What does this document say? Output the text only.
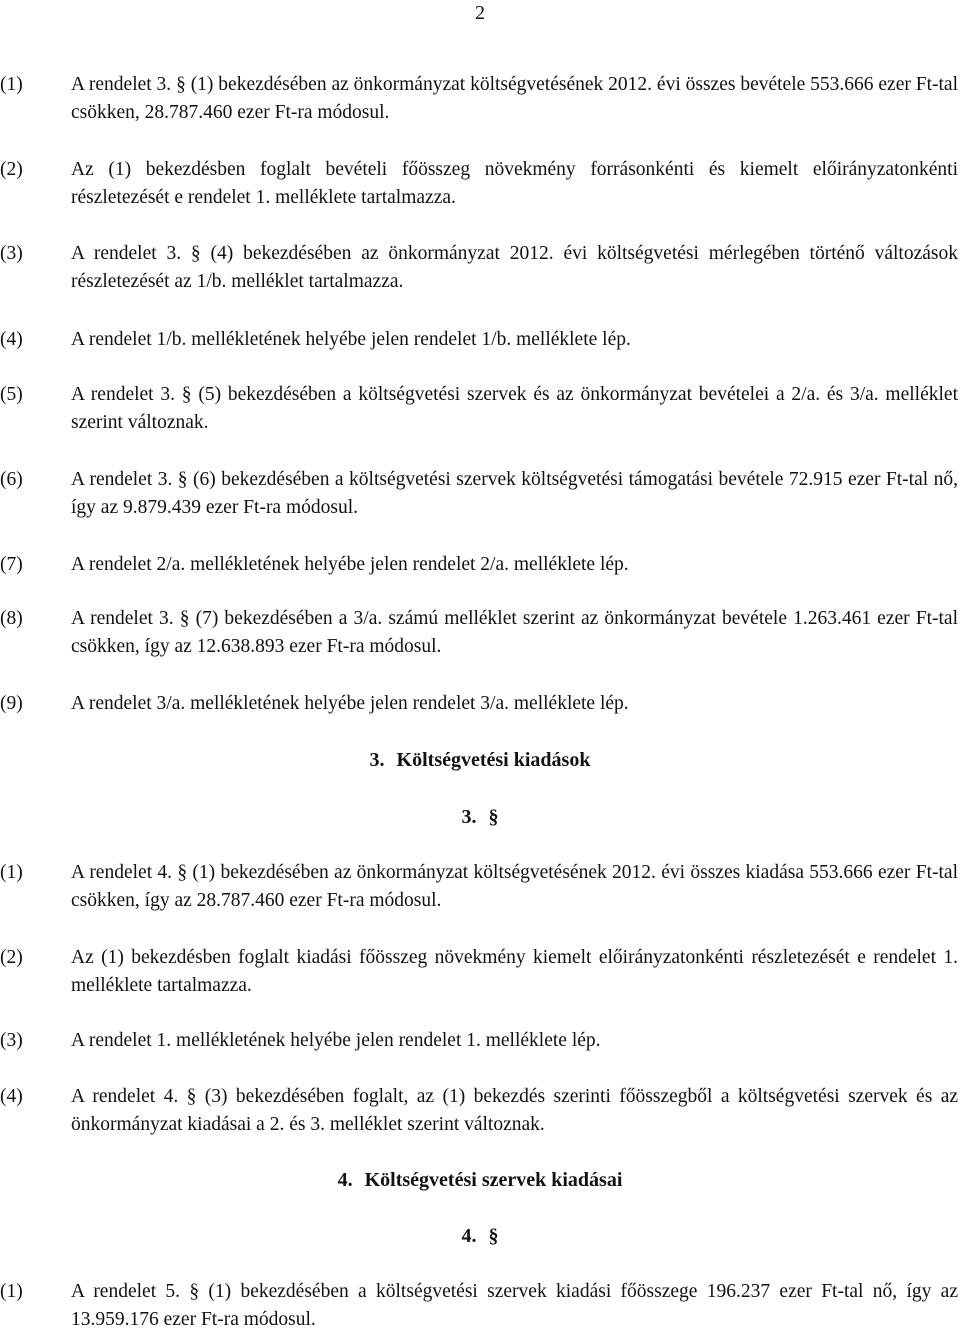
2
(1)	A rendelet 3. § (1) bekezdésében az önkormányzat költségvetésének 2012. évi összes bevétele 553.666 ezer Ft-tal csökken, 28.787.460 ezer Ft-ra módosul.
(2)	Az (1) bekezdésben foglalt bevételi főösszeg növekmény forrásonkénti és kiemelt előirányzatonkénti részletezését e rendelet 1. melléklete tartalmazza.
(3)	A rendelet 3. § (4) bekezdésében az önkormányzat 2012. évi költségvetési mérlegében történő változások részletezését az 1/b. melléklet tartalmazza.
(4)	A rendelet 1/b. mellékletének helyébe jelen rendelet 1/b. melléklete lép.
(5)	A rendelet 3. § (5) bekezdésében a költségvetési szervek és az önkormányzat bevételei a 2/a. és 3/a. melléklet szerint változnak.
(6)	A rendelet 3. § (6) bekezdésében a költségvetési szervek költségvetési támogatási bevétele 72.915 ezer Ft-tal nő, így az 9.879.439 ezer Ft-ra módosul.
(7)	A rendelet 2/a. mellékletének helyébe jelen rendelet 2/a. melléklete lép.
(8)	A rendelet 3. § (7) bekezdésében a 3/a. számú melléklet szerint az önkormányzat bevétele 1.263.461 ezer Ft-tal csökken, így az 12.638.893 ezer Ft-ra módosul.
(9)	A rendelet 3/a. mellékletének helyébe jelen rendelet 3/a. melléklete lép.
3. Költségvetési kiadások
3. §
(1)	A rendelet 4. § (1) bekezdésében az önkormányzat költségvetésének 2012. évi összes kiadása 553.666 ezer Ft-tal csökken, így az 28.787.460 ezer Ft-ra módosul.
(2)	Az (1) bekezdésben foglalt kiadási főösszeg növekmény kiemelt előirányzatonkénti részletezését e rendelet 1. melléklete tartalmazza.
(3)	A rendelet 1. mellékletének helyébe jelen rendelet 1. melléklete lép.
(4)	A rendelet 4. § (3) bekezdésében foglalt, az (1) bekezdés szerinti főösszegből a költségvetési szervek és az önkormányzat kiadásai a 2. és 3. melléklet szerint változnak.
4. Költségvetési szervek kiadásai
4. §
(1)	A rendelet 5. § (1) bekezdésében a költségvetési szervek kiadási főösszege 196.237 ezer Ft-tal nő, így az 13.959.176 ezer Ft-ra módosul.
